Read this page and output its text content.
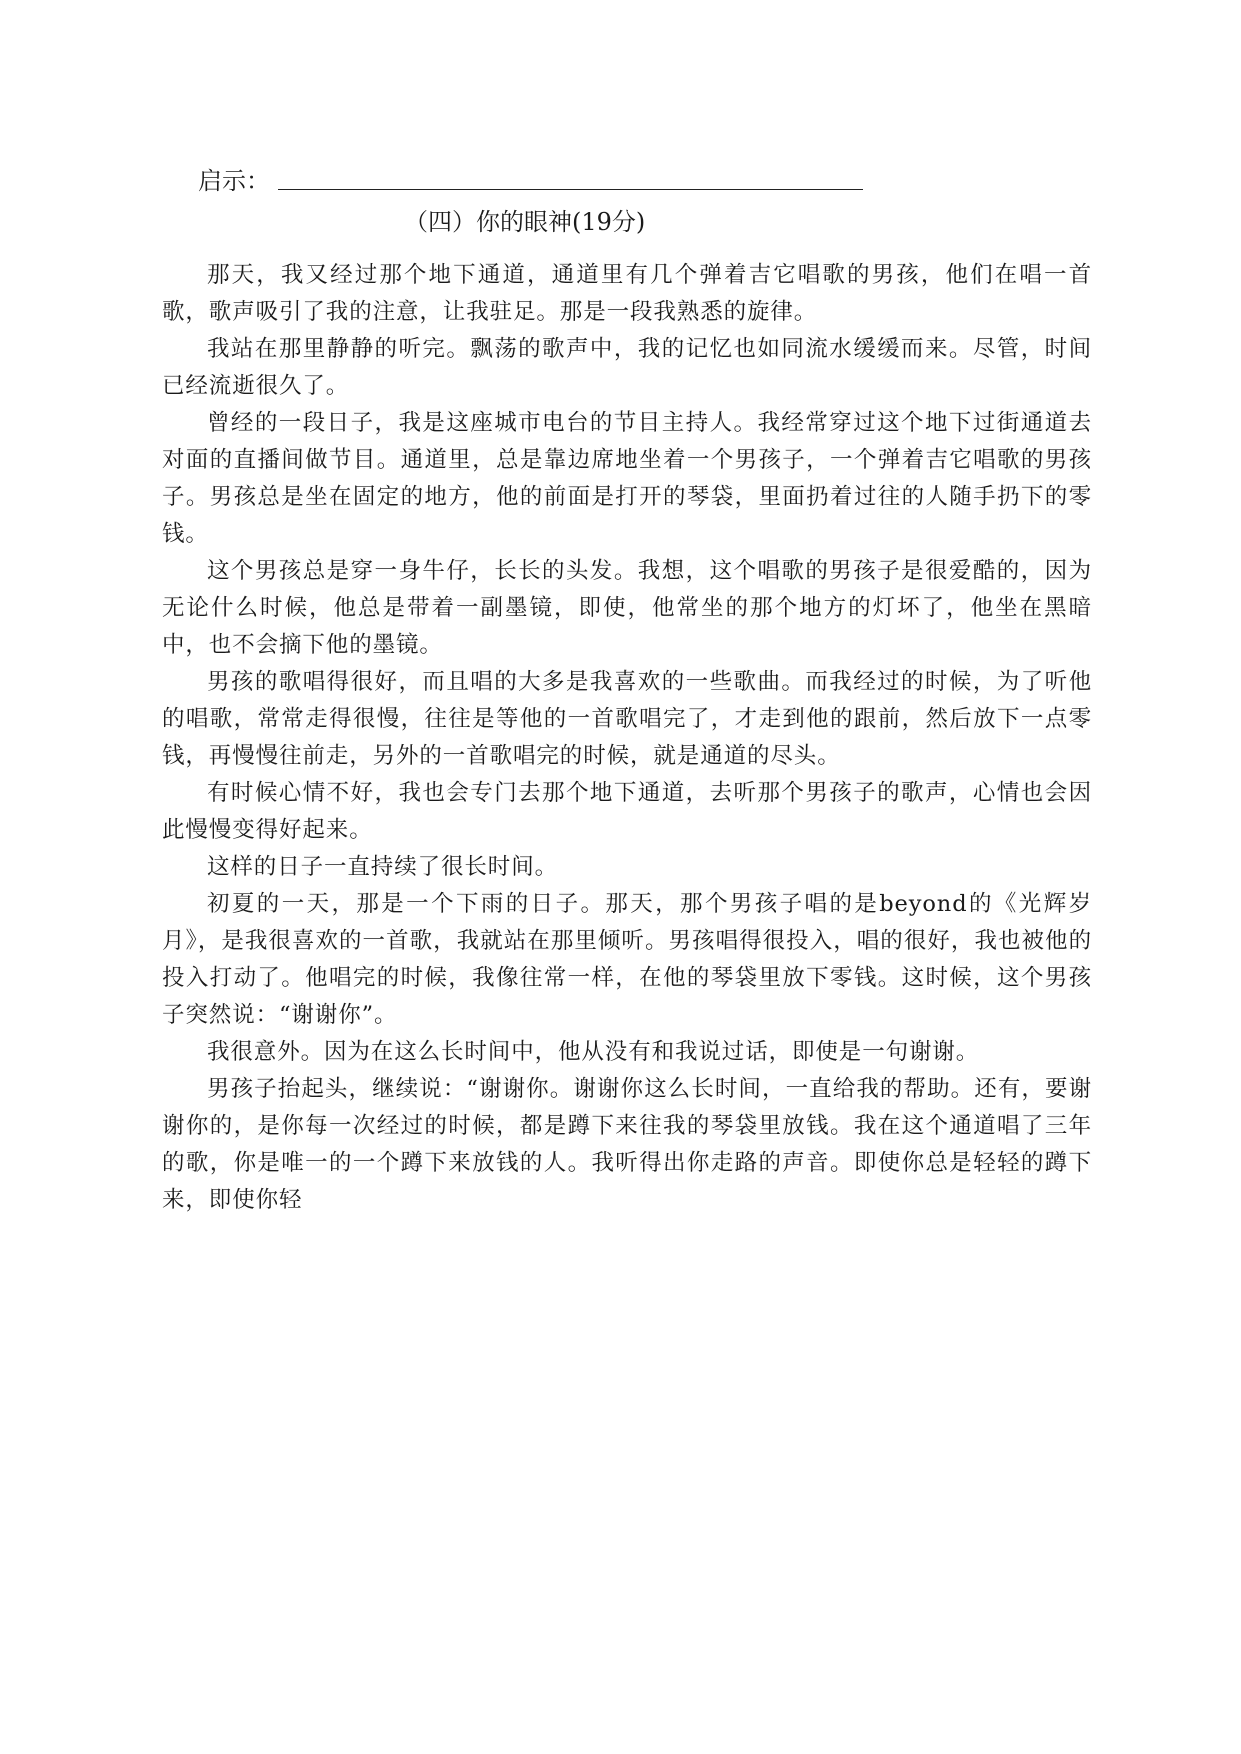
启示：
（四）你的眼神(19分)

那天，我又经过那个地下通道，通道里有几个弹着吉它唱歌的男孩，他们在唱一首歌，歌声吸引了我的注意，让我驻足。那是一段我熟悉的旋律。

我站在那里静静的听完。飘荡的歌声中，我的记忆也如同流水缓缓而来。尽管，时间已经流逝很久了。

曾经的一段日子，我是这座城市电台的节目主持人。我经常穿过这个地下过街通道去对面的直播间做节目。通道里，总是靠边席地坐着一个男孩子，一个弹着吉它唱歌的男孩子。男孩总是坐在固定的地方，他的前面是打开的琴袋，里面扔着过往的人随手扔下的零钱。

这个男孩总是穿一身牛仔，长长的头发。我想，这个唱歌的男孩子是很爱酷的，因为无论什么时候，他总是带着一副墨镜，即使，他常坐的那个地方的灯坏了，他坐在黑暗中，也不会摘下他的墨镜。

男孩的歌唱得很好，而且唱的大多是我喜欢的一些歌曲。而我经过的时候，为了听他的唱歌，常常走得很慢，往往是等他的一首歌唱完了，才走到他的跟前，然后放下一点零钱，再慢慢往前走，另外的一首歌唱完的时候，就是通道的尽头。

有时候心情不好，我也会专门去那个地下通道，去听那个男孩子的歌声，心情也会因此慢慢变得好起来。

这样的日子一直持续了很长时间。

初夏的一天，那是一个下雨的日子。那天，那个男孩子唱的是beyond的《光辉岁月》，是我很喜欢的一首歌，我就站在那里倾听。男孩唱得很投入，唱的很好，我也被他的投入打动了。他唱完的时候，我像往常一样，在他的琴袋里放下零钱。这时候，这个男孩子突然说：“谢谢你”。

我很意外。因为在这么长时间中，他从没有和我说过话，即使是一句谢谢。

男孩子抬起头，继续说：“谢谢你。谢谢你这么长时间，一直给我的帮助。还有，要谢谢你的，是你每一次经过的时候，都是蹲下来往我的琴袋里放钱。我在这个通道唱了三年的歌，你是唯一的一个蹲下来放钱的人。我听得出你走路的声音。即使你总是轻轻的蹲下来，即使你轻
